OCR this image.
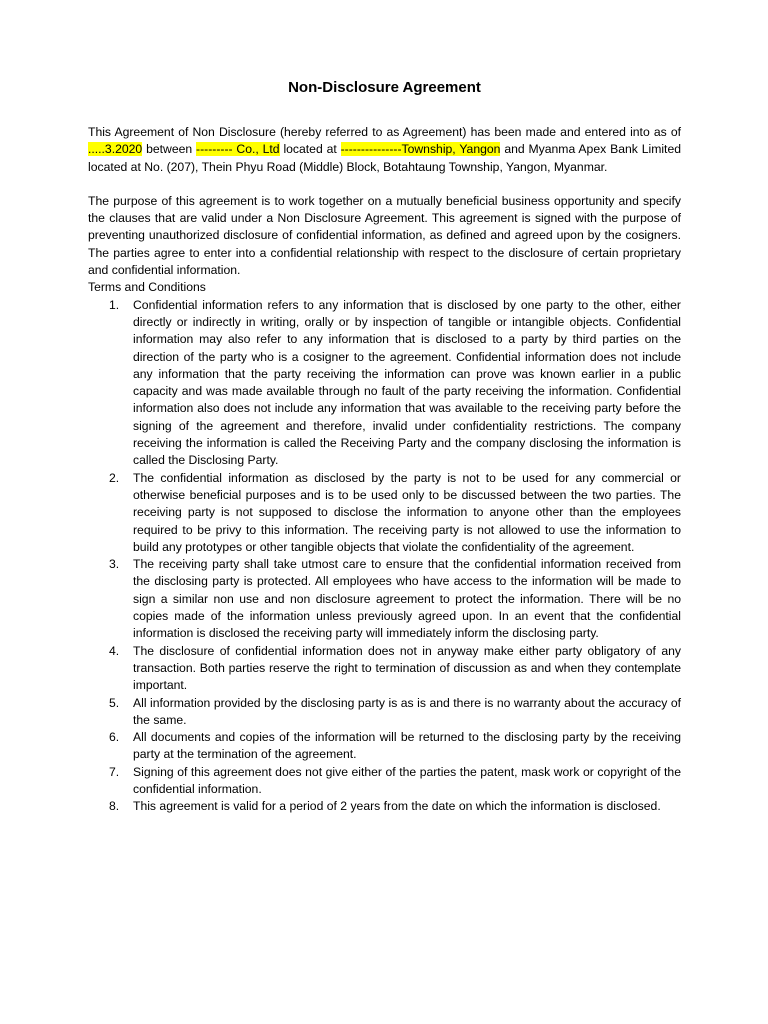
Non-Disclosure Agreement

This Agreement of Non Disclosure (hereby referred to as Agreement) has been made and entered into as of .....3.2020 between --------- Co., Ltd located at ---------------Township, Yangon and Myanma Apex Bank Limited located at No. (207), Thein Phyu Road (Middle) Block, Botahtaung Township, Yangon, Myanmar.

The purpose of this agreement is to work together on a mutually beneficial business opportunity and specify the clauses that are valid under a Non Disclosure Agreement. This agreement is signed with the purpose of preventing unauthorized disclosure of confidential information, as defined and agreed upon by the cosigners. The parties agree to enter into a confidential relationship with respect to the disclosure of certain proprietary and confidential information.

Terms and Conditions
1. Confidential information refers to any information that is disclosed by one party to the other, either directly or indirectly in writing, orally or by inspection of tangible or intangible objects. Confidential information may also refer to any information that is disclosed to a party by third parties on the direction of the party who is a cosigner to the agreement. Confidential information does not include any information that the party receiving the information can prove was known earlier in a public capacity and was made available through no fault of the party receiving the information. Confidential information also does not include any information that was available to the receiving party before the signing of the agreement and therefore, invalid under confidentiality restrictions. The company receiving the information is called the Receiving Party and the company disclosing the information is called the Disclosing Party.
2. The confidential information as disclosed by the party is not to be used for any commercial or otherwise beneficial purposes and is to be used only to be discussed between the two parties. The receiving party is not supposed to disclose the information to anyone other than the employees required to be privy to this information. The receiving party is not allowed to use the information to build any prototypes or other tangible objects that violate the confidentiality of the agreement.
3. The receiving party shall take utmost care to ensure that the confidential information received from the disclosing party is protected. All employees who have access to the information will be made to sign a similar non use and non disclosure agreement to protect the information. There will be no copies made of the information unless previously agreed upon. In an event that the confidential information is disclosed the receiving party will immediately inform the disclosing party.
4. The disclosure of confidential information does not in anyway make either party obligatory of any transaction. Both parties reserve the right to termination of discussion as and when they contemplate important.
5. All information provided by the disclosing party is as is and there is no warranty about the accuracy of the same.
6. All documents and copies of the information will be returned to the disclosing party by the receiving party at the termination of the agreement.
7. Signing of this agreement does not give either of the parties the patent, mask work or copyright of the confidential information.
8. This agreement is valid for a period of 2 years from the date on which the information is disclosed.
